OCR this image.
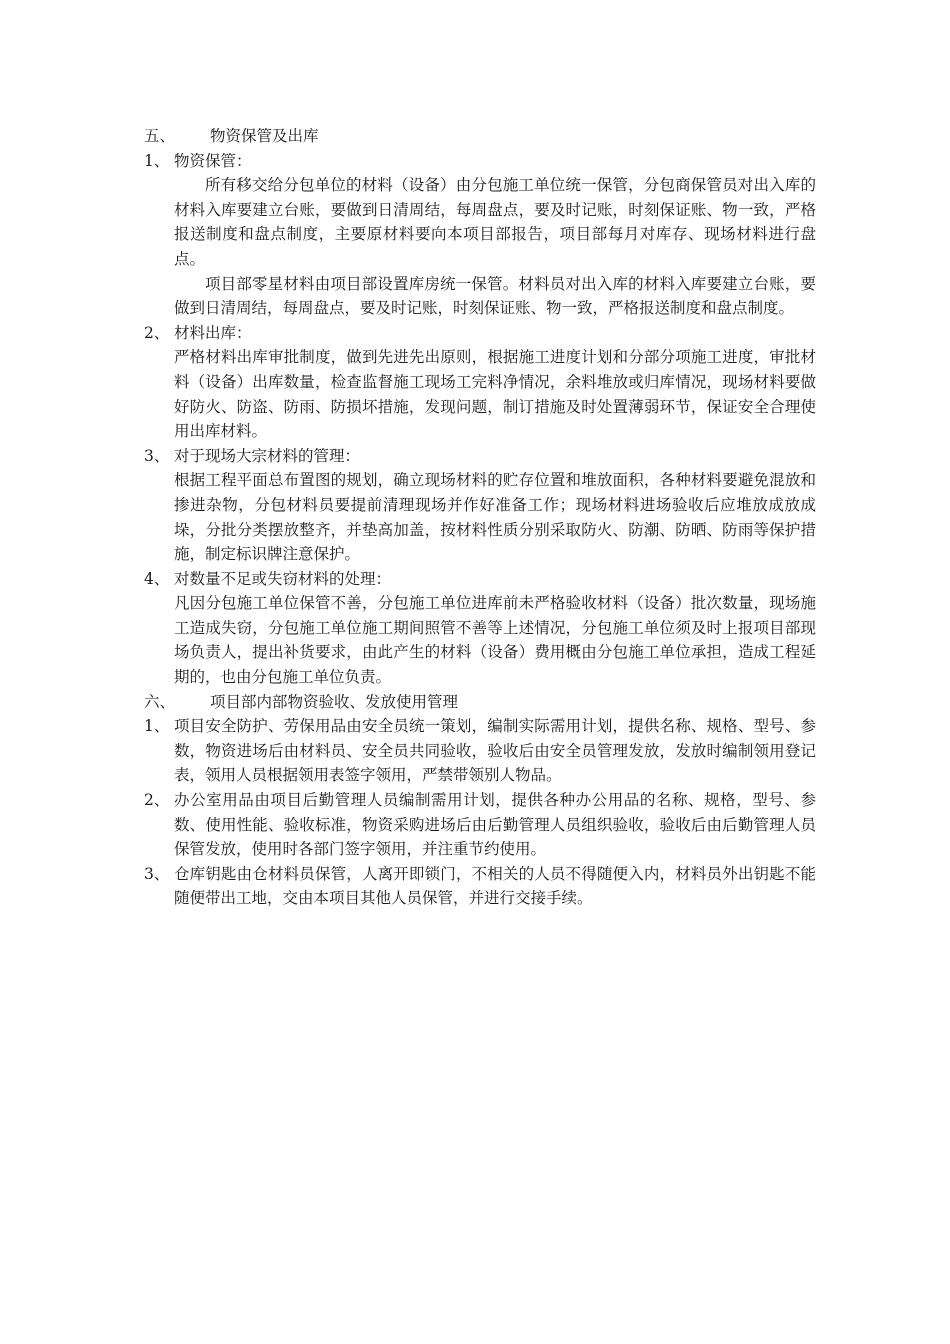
五、	物资保管及出库
1、 物资保管：

所有移交给分包单位的材料（设备）由分包施工单位统一保管，分包商保管员对出入库的材料入库要建立台账，要做到日清周结，每周盘点，要及时记账，时刻保证账、物一致，严格报送制度和盘点制度，主要原材料要向本项目部报告，项目部每月对库存、现场材料进行盘点。

项目部零星材料由项目部设置库房统一保管。材料员对出入库的材料入库要建立台账，要做到日清周结，每周盘点，要及时记账，时刻保证账、物一致，严格报送制度和盘点制度。

2、 材料出库：

严格材料出库审批制度，做到先进先出原则，根据施工进度计划和分部分项施工进度，审批材料（设备）出库数量，检查监督施工现场工完料净情况，余料堆放或归库情况，现场材料要做好防火、防盗、防雨、防损坏措施，发现问题，制订措施及时处置薄弱环节，保证安全合理使用出库材料。

3、 对于现场大宗材料的管理：

根据工程平面总布置图的规划，确立现场材料的贮存位置和堆放面积，各种材料要避免混放和掺进杂物，分包材料员要提前清理现场并作好准备工作；现场材料进场验收后应堆放成放成垛，分批分类摆放整齐，并垫高加盖，按材料性质分别采取防火、防潮、防晒、防雨等保护措施，制定标识牌注意保护。

4、 对数量不足或失窃材料的处理：

凡因分包施工单位保管不善，分包施工单位进库前未严格验收材料（设备）批次数量，现场施工造成失窃，分包施工单位施工期间照管不善等上述情况，分包施工单位须及时上报项目部现场负责人，提出补货要求，由此产生的材料（设备）费用概由分包施工单位承担，造成工程延期的，也由分包施工单位负责。

六、	项目部内部物资验收、发放使用管理
1、 项目安全防护、劳保用品由安全员统一策划，编制实际需用计划，提供名称、规格、型号、参数，物资进场后由材料员、安全员共同验收，验收后由安全员管理发放，发放时编制领用登记表，领用人员根据领用表签字领用，严禁带领别人物品。
2、 办公室用品由项目后勤管理人员编制需用计划，提供各种办公用品的名称、规格，型号、参数、使用性能、验收标准，物资采购进场后由后勤管理人员组织验收，验收后由后勤管理人员保管发放，使用时各部门签字领用，并注重节约使用。
3、 仓库钥匙由仓材料员保管，人离开即锁门，不相关的人员不得随便入内，材料员外出钥匙不能随便带出工地，交由本项目其他人员保管，并进行交接手续。
